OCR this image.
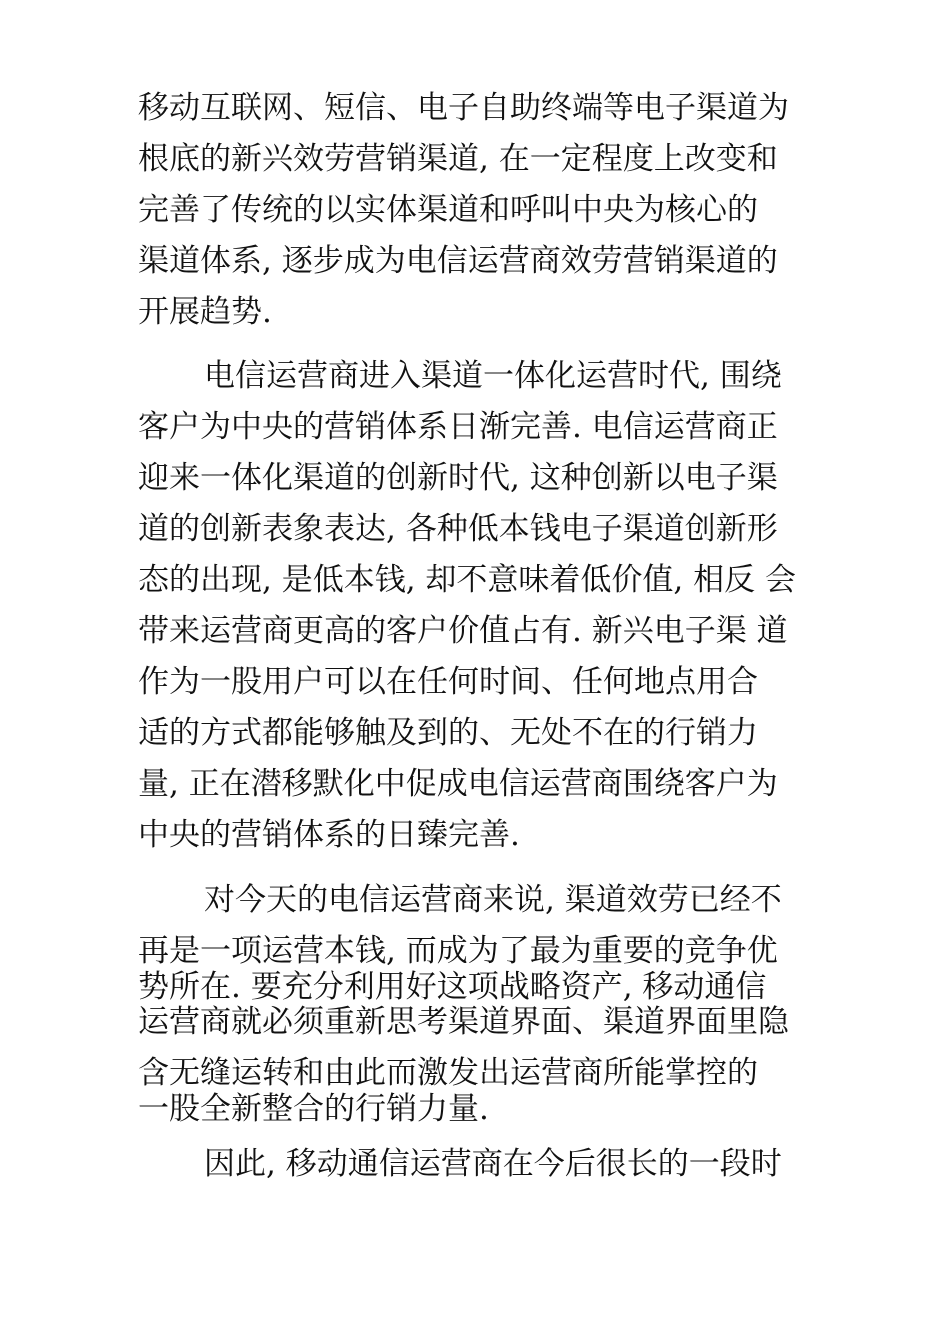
移动互联网、短信、电子自助终端等电子渠道为
根底的新兴效劳营销渠道, 在一定程度上改变和
完善了传统的以实体渠道和呼叫中央为核心的
渠道体系, 逐步成为电信运营商效劳营销渠道的
开展趋势.
电信运营商进入渠道一体化运营时代, 围绕
客户为中央的营销体系日渐完善. 电信运营商正
迎来一体化渠道的创新时代, 这种创新以电子渠
道的创新表象表达, 各种低本钱电子渠道创新形
态的出现, 是低本钱, 却不意味着低价值, 相反 会
带来运营商更高的客户价值占有. 新兴电子渠 道
作为一股用户可以在任何时间、任何地点用合
适的方式都能够触及到的、无处不在的行销力
量, 正在潜移默化中促成电信运营商围绕客户为
中央的营销体系的日臻完善.
对今天的电信运营商来说, 渠道效劳已经不
再是一项运营本钱, 而成为了最为重要的竞争优
势所在. 要充分利用好这项战略资产, 移动通信
运营商就必须重新思考渠道界面、渠道界面里隐
含无缝运转和由此而激发出运营商所能掌控的
一股全新整合的行销力量.
因此, 移动通信运营商在今后很长的一段时
